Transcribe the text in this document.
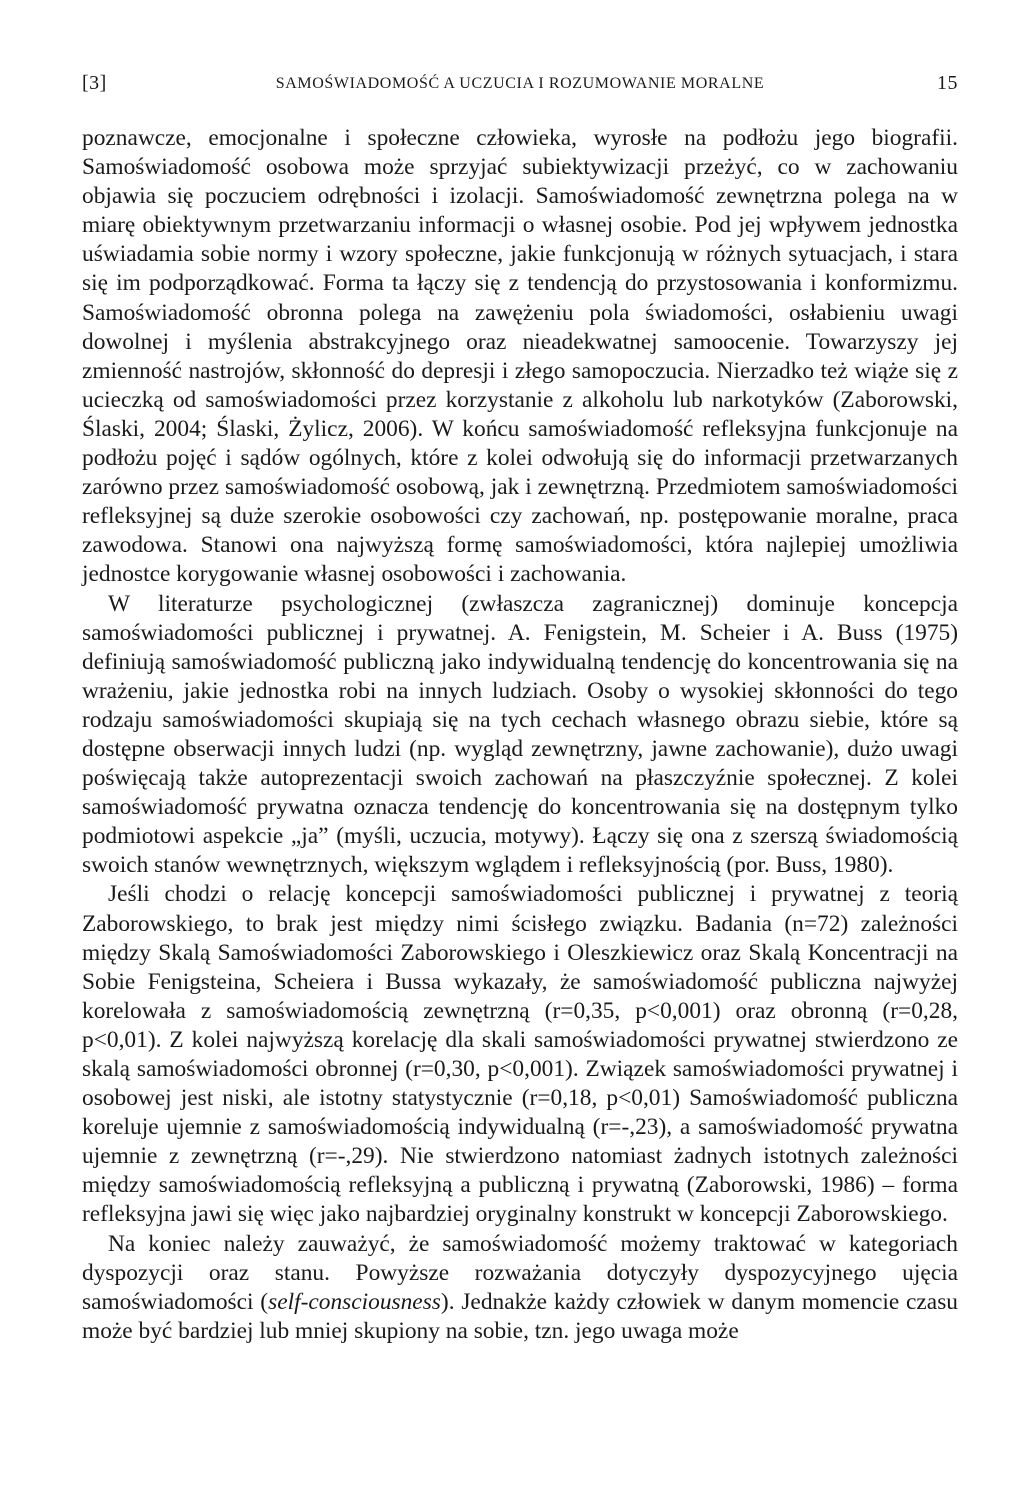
[3]	SAMOŚWIADOMOŚĆ A UCZUCIA I ROZUMOWANIE MORALNE	15

poznawcze, emocjonalne i społeczne człowieka, wyrosłe na podłożu jego biografii. Samoświadomość osobowa może sprzyjać subiektywizacji przeżyć, co w zachowaniu objawia się poczuciem odrębności i izolacji. Samoświadomość zewnętrzna polega na w miarę obiektywnym przetwarzaniu informacji o własnej osobie. Pod jej wpływem jednostka uświadamia sobie normy i wzory społeczne, jakie funkcjonują w różnych sytuacjach, i stara się im podporządkować. Forma ta łączy się z tendencją do przystosowania i konformizmu. Samoświadomość obronna polega na zawężeniu pola świadomości, osłabieniu uwagi dowolnej i myślenia abstrakcyjnego oraz nieadekwatnej samoocenie. Towarzyszy jej zmienność nastrojów, skłonność do depresji i złego samopoczucia. Nierzadko też wiąże się z ucieczką od samoświadomości przez korzystanie z alkoholu lub narkotyków (Zaborowski, Ślaski, 2004; Ślaski, Żylicz, 2006). W końcu samoświadomość refleksyjna funkcjonuje na podłożu pojęć i sądów ogólnych, które z kolei odwołują się do informacji przetwarzanych zarówno przez samoświadomość osobową, jak i zewnętrzną. Przedmiotem samoświadomości refleksyjnej są duże szerokie osobowości czy zachowań, np. postępowanie moralne, praca zawodowa. Stanowi ona najwyższą formę samoświadomości, która najlepiej umożliwia jednostce korygowanie własnej osobowości i zachowania.

W literaturze psychologicznej (zwłaszcza zagranicznej) dominuje koncepcja samoświadomości publicznej i prywatnej. A. Fenigstein, M. Scheier i A. Buss (1975) definiują samoświadomość publiczną jako indywidualną tendencję do koncentrowania się na wrażeniu, jakie jednostka robi na innych ludziach. Osoby o wysokiej skłonności do tego rodzaju samoświadomości skupiają się na tych cechach własnego obrazu siebie, które są dostępne obserwacji innych ludzi (np. wygląd zewnętrzny, jawne zachowanie), dużo uwagi poświęcają także autoprezentacji swoich zachowań na płaszczyźnie społecznej. Z kolei samoświadomość prywatna oznacza tendencję do koncentrowania się na dostępnym tylko podmiotowi aspekcie „ja” (myśli, uczucia, motywy). Łączy się ona z szerszą świadomością swoich stanów wewnętrznych, większym wglądem i refleksyjnością (por. Buss, 1980).

Jeśli chodzi o relację koncepcji samoświadomości publicznej i prywatnej z teorią Zaborowskiego, to brak jest między nimi ścisłego związku. Badania (n=72) zależności między Skalą Samoświadomości Zaborowskiego i Oleszkiewicz oraz Skalą Koncentracji na Sobie Fenigsteina, Scheiera i Bussa wykazały, że samoświadomość publiczna najwyżej korelowała z samoświadomością zewnętrzną (r=0,35, p<0,001) oraz obronną (r=0,28, p<0,01). Z kolei najwyższą korelację dla skali samoświadomości prywatnej stwierdzono ze skalą samoświadomości obronnej (r=0,30, p<0,001). Związek samoświadomości prywatnej i osobowej jest niski, ale istotny statystycznie (r=0,18, p<0,01) Samoświadomość publiczna koreluje ujemnie z samoświadomością indywidualną (r=-,23), a samoświadomość prywatna ujemnie z zewnętrzną (r=-,29). Nie stwierdzono natomiast żadnych istotnych zależności między samoświadomością refleksyjną a publiczną i prywatną (Zaborowski, 1986) – forma refleksyjna jawi się więc jako najbardziej oryginalny konstrukt w koncepcji Zaborowskiego.

Na koniec należy zauważyć, że samoświadomość możemy traktować w kategoriach dyspozycji oraz stanu. Powyższe rozważania dotyczyły dyspozycyjnego ujęcia samoświadomości (self-consciousness). Jednakże każdy człowiek w danym momencie czasu może być bardziej lub mniej skupiony na sobie, tzn. jego uwaga może
